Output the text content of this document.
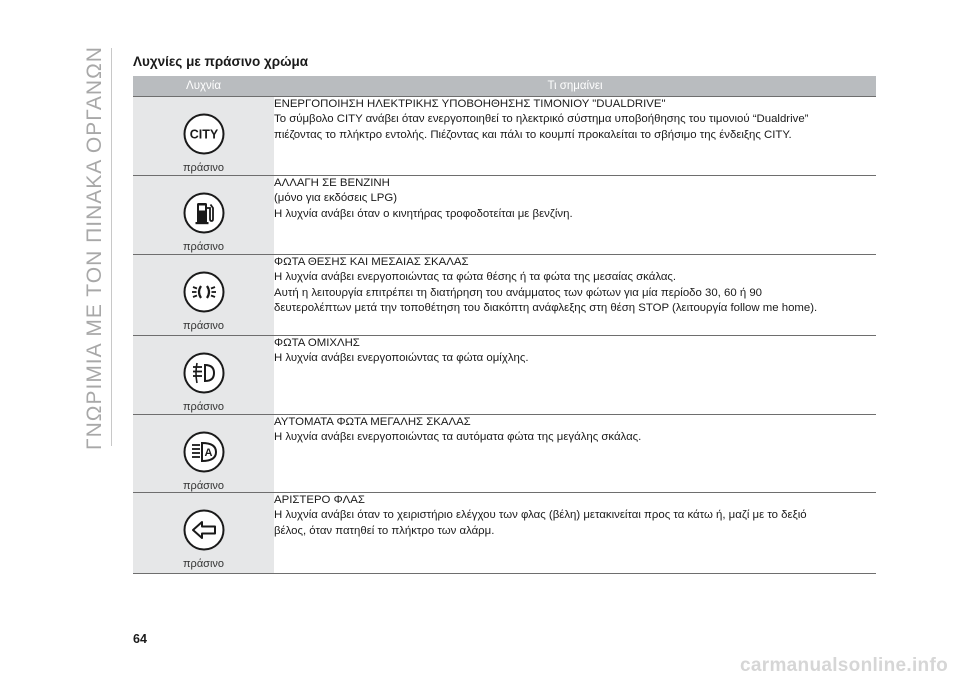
ΓΝΩΡΙΜΙΑ ΜΕ ΤΟΝ ΠΙΝΑΚΑ ΟΡΓΑΝΩΝ Λυχνίες με πράσινο χρώμα
Λυχνία	Τι σημαίνει

CITY
πράσινο	ΕΝΕΡΓΟΠΟΙΗΣΗ ΗΛΕΚΤΡΙΚΗΣ ΥΠΟΒΟΗΘΗΣΗΣ ΤΙΜΟΝΙΟΥ "DUALDRIVE"
Το σύμβολο CITY ανάβει όταν ενεργοποιηθεί το ηλεκτρικό σύστημα υποβοήθησης του τιμονιού “Dualdrive”
πιέζοντας το πλήκτρο εντολής. Πιέζοντας και πάλι το κουμπί προκαλείται το σβήσιμο της ένδειξης CITY.

πράσινο	ΑΛΛΑΓΗ ΣΕ ΒΕΝΖΙΝΗ
(μόνο για εκδόσεις LPG)
Η λυχνία ανάβει όταν ο κινητήρας τροφοδοτείται με βενζίνη.

πράσινο	ΦΩΤΑ ΘΕΣΗΣ ΚΑΙ ΜΕΣΑΙΑΣ ΣΚΑΛΑΣ
Η λυχνία ανάβει ενεργοποιώντας τα φώτα θέσης ή τα φώτα της μεσαίας σκάλας.
Αυτή η λειτουργία επιτρέπει τη διατήρηση του ανάμματος των φώτων για μία περίοδο 30, 60 ή 90
δευτερολέπτων μετά την τοποθέτηση του διακόπτη ανάφλεξης στη θέση STOP (λειτουργία follow me home).

πράσινο	ΦΩΤΑ ΟΜΙΧΛΗΣ
Η λυχνία ανάβει ενεργοποιώντας τα φώτα ομίχλης.

A
πράσινο	ΑΥΤΟΜΑΤΑ ΦΩΤΑ ΜΕΓΑΛΗΣ ΣΚΑΛΑΣ
Η λυχνία ανάβει ενεργοποιώντας τα αυτόματα φώτα της μεγάλης σκάλας.

πράσινο	ΑΡΙΣΤΕΡΟ ΦΛΑΣ
Η λυχνία ανάβει όταν το χειριστήριο ελέγχου των φλας (βέλη) μετακινείται προς τα κάτω ή, μαζί με το δεξιό
βέλος, όταν πατηθεί το πλήκτρο των αλάρμ.
64
carmanualsonline.info
